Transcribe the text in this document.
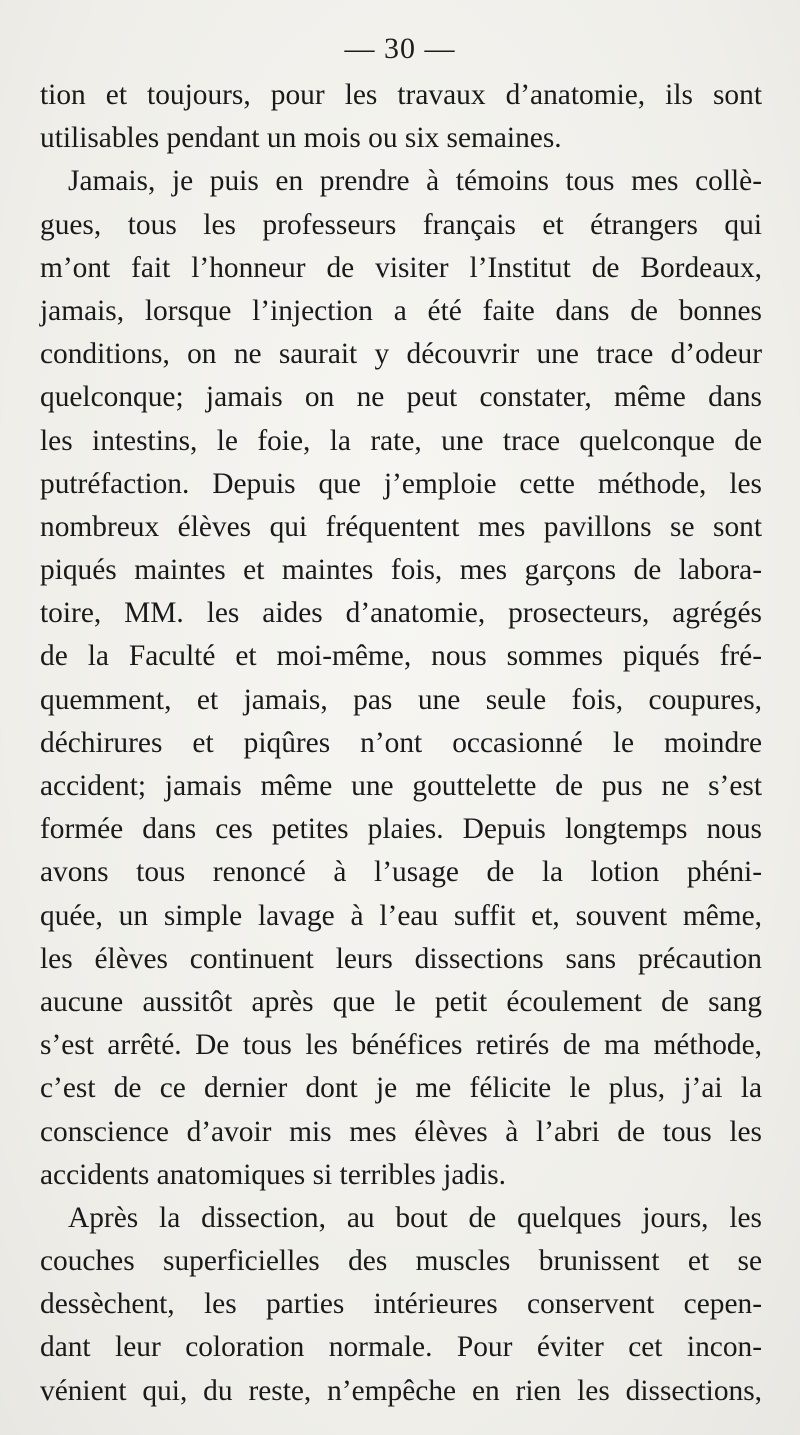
— 30 —
tion et toujours, pour les travaux d’anatomie, ils sont
utilisables pendant un mois ou six semaines.
Jamais, je puis en prendre à témoins tous mes collè-
gues, tous les professeurs français et étrangers qui
m’ont fait l’honneur de visiter l’Institut de Bordeaux,
jamais, lorsque l’injection a été faite dans de bonnes
conditions, on ne saurait y découvrir une trace d’odeur
quelconque; jamais on ne peut constater, même dans
les intestins, le foie, la rate, une trace quelconque de
putréfaction. Depuis que j’emploie cette méthode, les
nombreux élèves qui fréquentent mes pavillons se sont
piqués maintes et maintes fois, mes garçons de labora-
toire, MM. les aides d’anatomie, prosecteurs, agrégés
de la Faculté et moi-même, nous sommes piqués fré-
quemment, et jamais, pas une seule fois, coupures,
déchirures et piqûres n’ont occasionné le moindre
accident; jamais même une gouttelette de pus ne s’est
formée dans ces petites plaies. Depuis longtemps nous
avons tous renoncé à l’usage de la lotion phéni-
quée, un simple lavage à l’eau suffit et, souvent même,
les élèves continuent leurs dissections sans précaution
aucune aussitôt après que le petit écoulement de sang
s’est arrêté. De tous les bénéfices retirés de ma méthode,
c’est de ce dernier dont je me félicite le plus, j’ai la
conscience d’avoir mis mes élèves à l’abri de tous les
accidents anatomiques si terribles jadis.
Après la dissection, au bout de quelques jours, les
couches superficielles des muscles brunissent et se
dessèchent, les parties intérieures conservent cepen-
dant leur coloration normale. Pour éviter cet incon-
vénient qui, du reste, n’empêche en rien les dissections,
